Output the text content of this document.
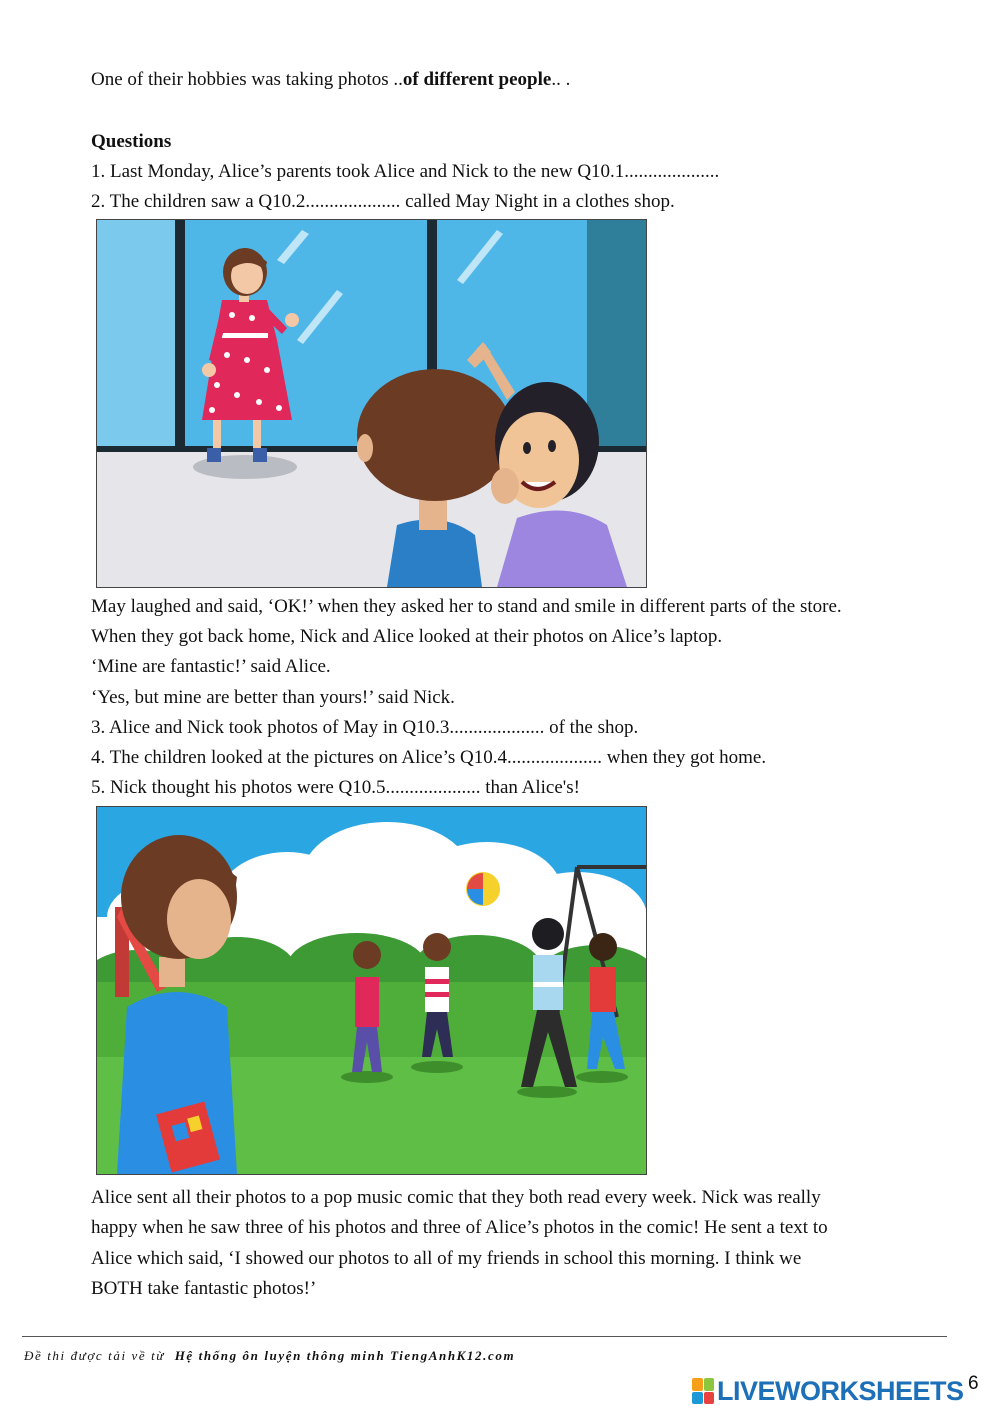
One of their hobbies was taking photos ..of different people.. .
Questions
1. Last Monday, Alice’s parents took Alice and Nick to the new Q10.1....................
2. The children saw a Q10.2.................... called May Night in a clothes shop.
May laughed and said, ‘OK!’ when they asked her to stand and smile in different parts of the store.
When they got back home, Nick and Alice looked at their photos on Alice’s laptop.
‘Mine are fantastic!’ said Alice.
‘Yes, but mine are better than yours!’ said Nick.
3. Alice and Nick took photos of May in Q10.3.................... of the shop.
4. The children looked at the pictures on Alice’s Q10.4.................... when they got home.
5. Nick thought his photos were Q10.5.................... than Alice's!
Alice sent all their photos to a pop music comic that they both read every week. Nick was really
happy when he saw three of his photos and three of Alice’s photos in the comic! He sent a text to
Alice which said, ‘I showed our photos to all of my friends in school this morning. I think we
BOTH take fantastic photos!’
Đề thi được tải về từ Hệ thống ôn luyện thông minh TiengAnhK12.com
LIVEWORKSHEETS 6
